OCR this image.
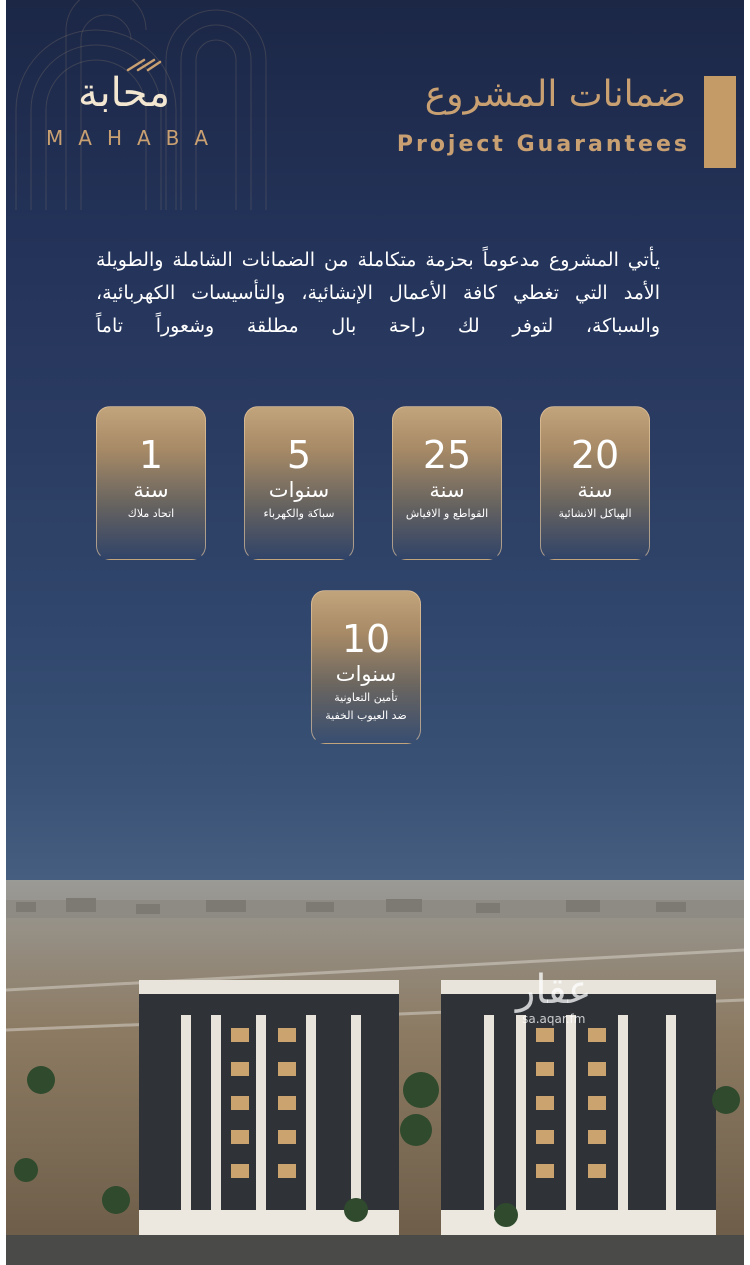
محابة
MAHABA
ضمانات المشروع
Project Guarantees
يأتي المشروع مدعوماً بحزمة متكاملة من الضمانات الشاملة والطويلة الأمد التي تغطي كافة الأعمال الإنشائية، والتأسيسات الكهربائية، والسباكة، لتوفر لك راحة بال مطلقة وشعوراً تاماً
20
سنة
الهياكل الانشائية
25
سنة
القواطع و الافياش
5
سنوات
سباكة والكهرباء
1
سنة
اتحاد ملاك
10
سنوات
تأمين التعاونية
ضد العيوب الخفية
عقار
sa.aqar.fm
